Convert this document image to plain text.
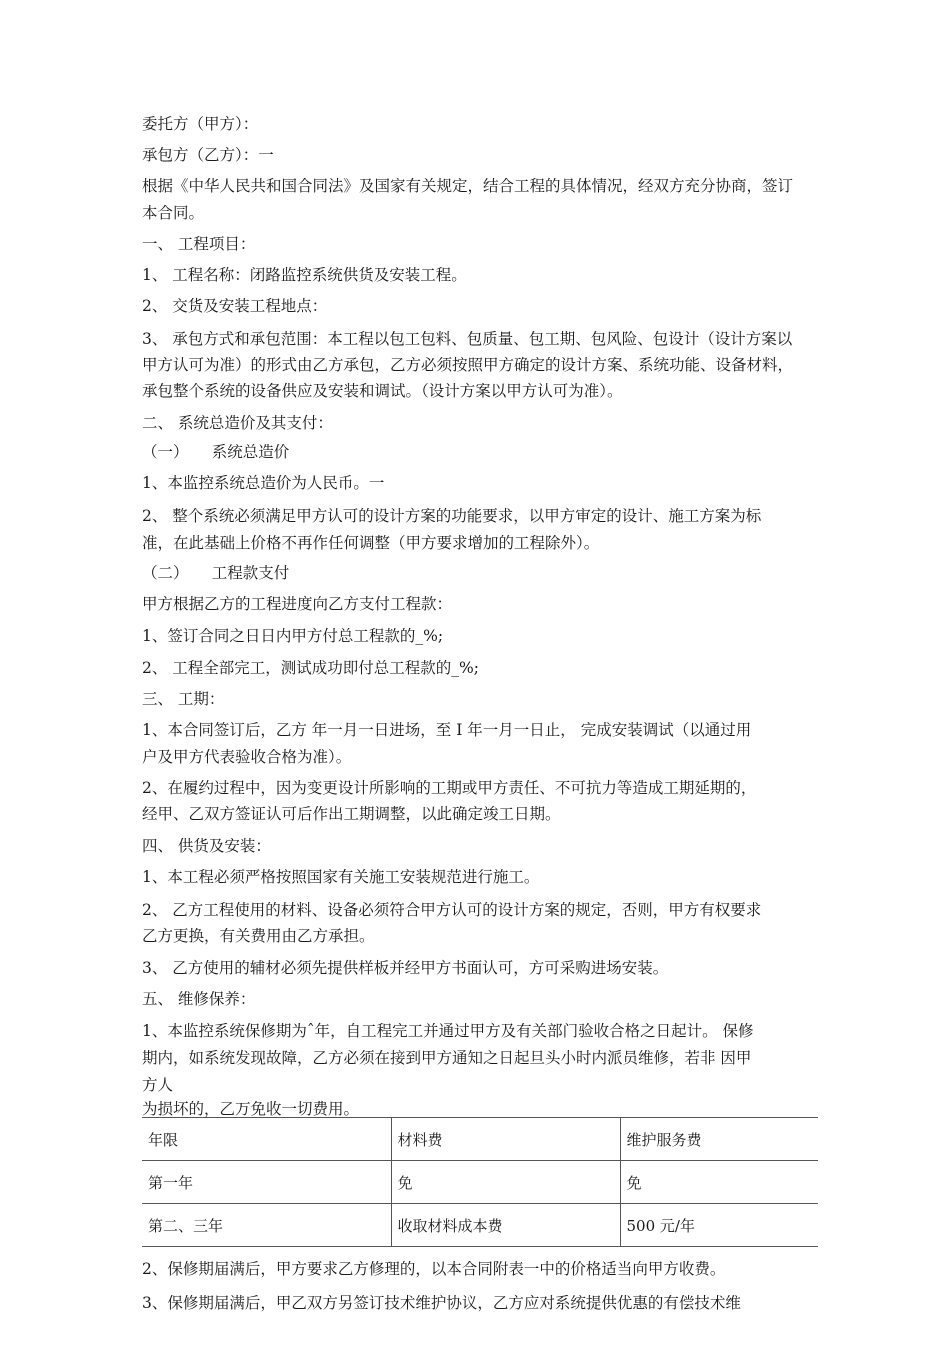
委托方（甲方）：
承包方（乙方）：一
根据《中华人民共和国合同法》及国家有关规定，结合工程的具体情况，经双方充分协商，签订
本合同。
一、 工程项目：
1、 工程名称：闭路监控系统供货及安装工程。
2、 交货及安装工程地点：
3、 承包方式和承包范围：本工程以包工包料、包质量、包工期、包风险、包设计（设计方案以
甲方认可为准）的形式由乙方承包，乙方必须按照甲方确定的设计方案、系统功能、设备材料，
承包整个系统的设备供应及安装和调试。（设计方案以甲方认可为准）。
二、 系统总造价及其支付：
（一）　　系统总造价
1、本监控系统总造价为人民币。一
2、 整个系统必须满足甲方认可的设计方案的功能要求，以甲方审定的设计、施工方案为标
准，在此基础上价格不再作任何调整（甲方要求增加的工程除外）。
（二）　　工程款支付
甲方根据乙方的工程进度向乙方支付工程款：
1、签订合同之日日内甲方付总工程款的_%;
2、 工程全部完工，测试成功即付总工程款的_%;
三、 工期：
1、本合同签订后，乙方 年一月一日进场，至 I 年一月一日止， 完成安装调试（以通过用
户及甲方代表验收合格为准）。
2、在履约过程中，因为变更设计所影响的工期或甲方责任、不可抗力等造成工期延期的，
经甲、乙双方签证认可后作出工期调整，以此确定竣工日期。
四、 供货及安装：
1、本工程必须严格按照国家有关施工安装规范进行施工。
2、 乙方工程使用的材料、设备必须符合甲方认可的设计方案的规定，否则，甲方有权要求
乙方更换，有关费用由乙方承担。
3、 乙方使用的辅材必须先提供样板并经甲方书面认可，方可采购进场安装。
五、 维修保养：
1、本监控系统保修期为ˆ年，自工程完工并通过甲方及有关部门验收合格之日起计。 保修
期内，如系统发现故障，乙方必须在接到甲方通知之日起旦头小时内派员维修，若非 因甲
方人
为损坏的，乙万免收一切费用。
年限	材料费	维护服务费
第一年	免	免
第二、三年	收取材料成本费	500 元/年
2、保修期届满后，甲方要求乙方修理的，以本合同附表一中的价格适当向甲方收费。
3、保修期届满后，甲乙双方另签订技术维护协议，乙方应对系统提供优惠的有偿技术维
